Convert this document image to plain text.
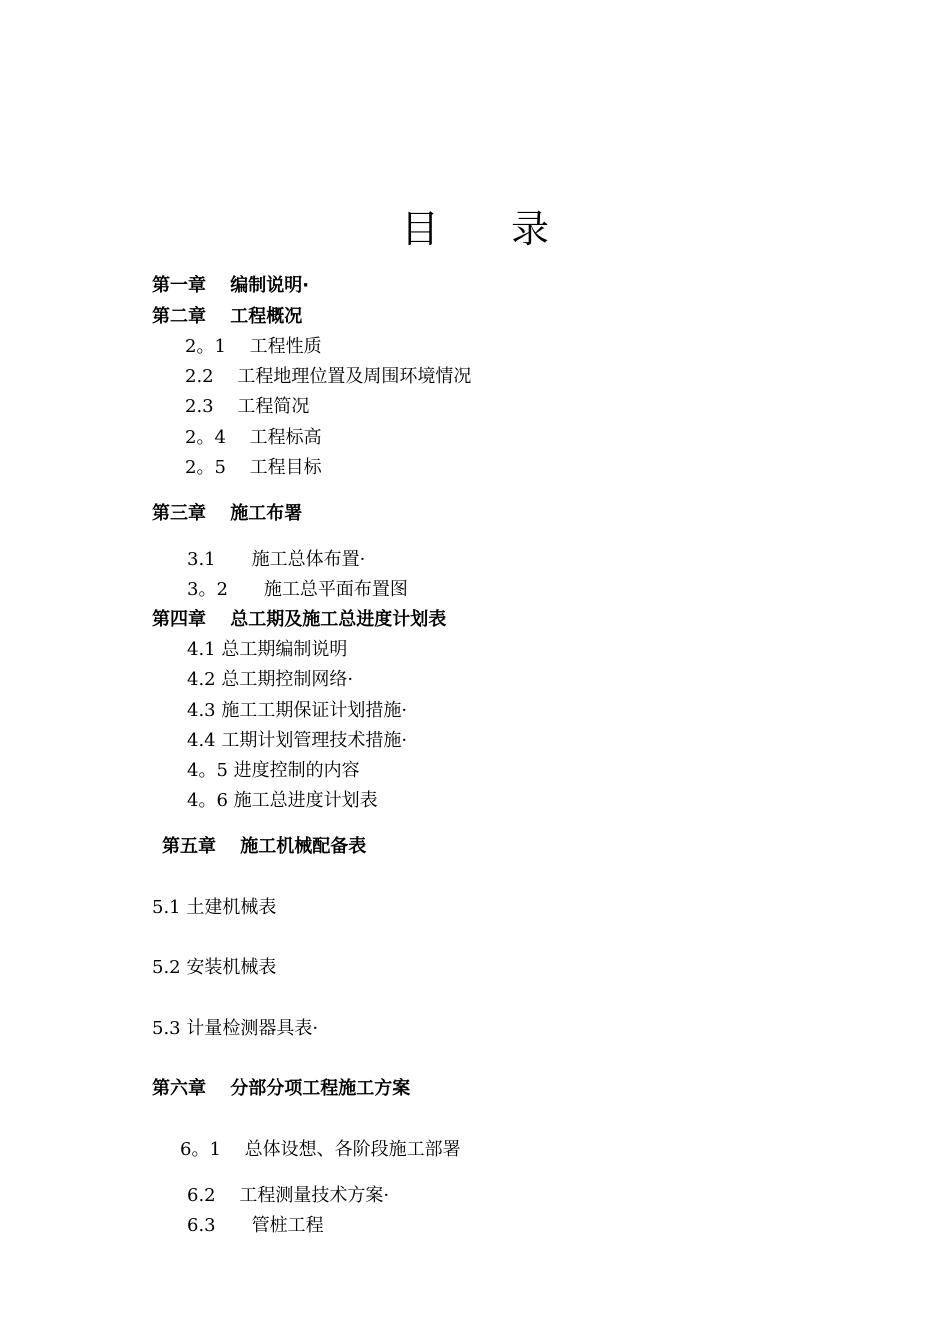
目 录
第一章　 编制说明·
第二章　 工程概况
2。1　 工程性质
2.2　 工程地理位置及周围环境情况
2.3　 工程简况
2。4　 工程标高
2。5　 工程目标
第三章　 施工布署
3.1　　施工总体布置·
3。2　　施工总平面布置图
第四章　 总工期及施工总进度计划表
4.1 总工期编制说明
4.2 总工期控制网络·
4.3 施工工期保证计划措施·
4.4 工期计划管理技术措施·
4。5 进度控制的内容
4。6 施工总进度计划表
第五章　 施工机械配备表
5.1 土建机械表
5.2 安装机械表
5.3 计量检测器具表·
第六章　 分部分项工程施工方案
6。1　 总体设想、各阶段施工部署
6.2　 工程测量技术方案·
6.3　　管桩工程
